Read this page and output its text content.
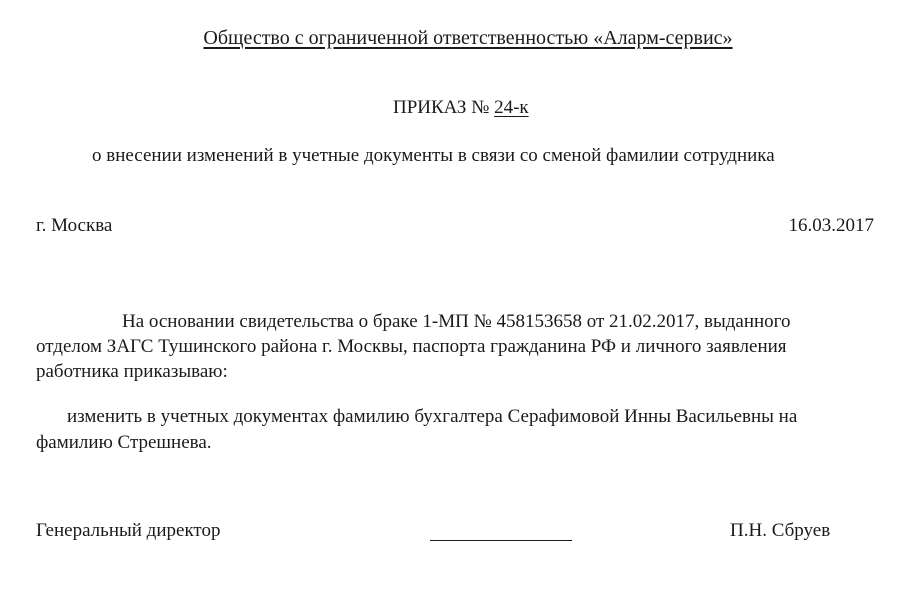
Общество с ограниченной ответственностью «Аларм-сервис»
ПРИКАЗ № 24-к
о внесении изменений в учетные документы в связи со сменой фамилии сотрудника
г. Москва	16.03.2017
На основании свидетельства о браке 1-МП № 458153658 от 21.02.2017, выданного
отделом ЗАГС Тушинского района г. Москвы, паспорта гражданина РФ и личного заявления
работника приказываю:
изменить в учетных документах фамилию бухгалтера Серафимовой Инны Васильевны на
фамилию Стрешнева.
Генеральный директор	П.Н. Сбруев
